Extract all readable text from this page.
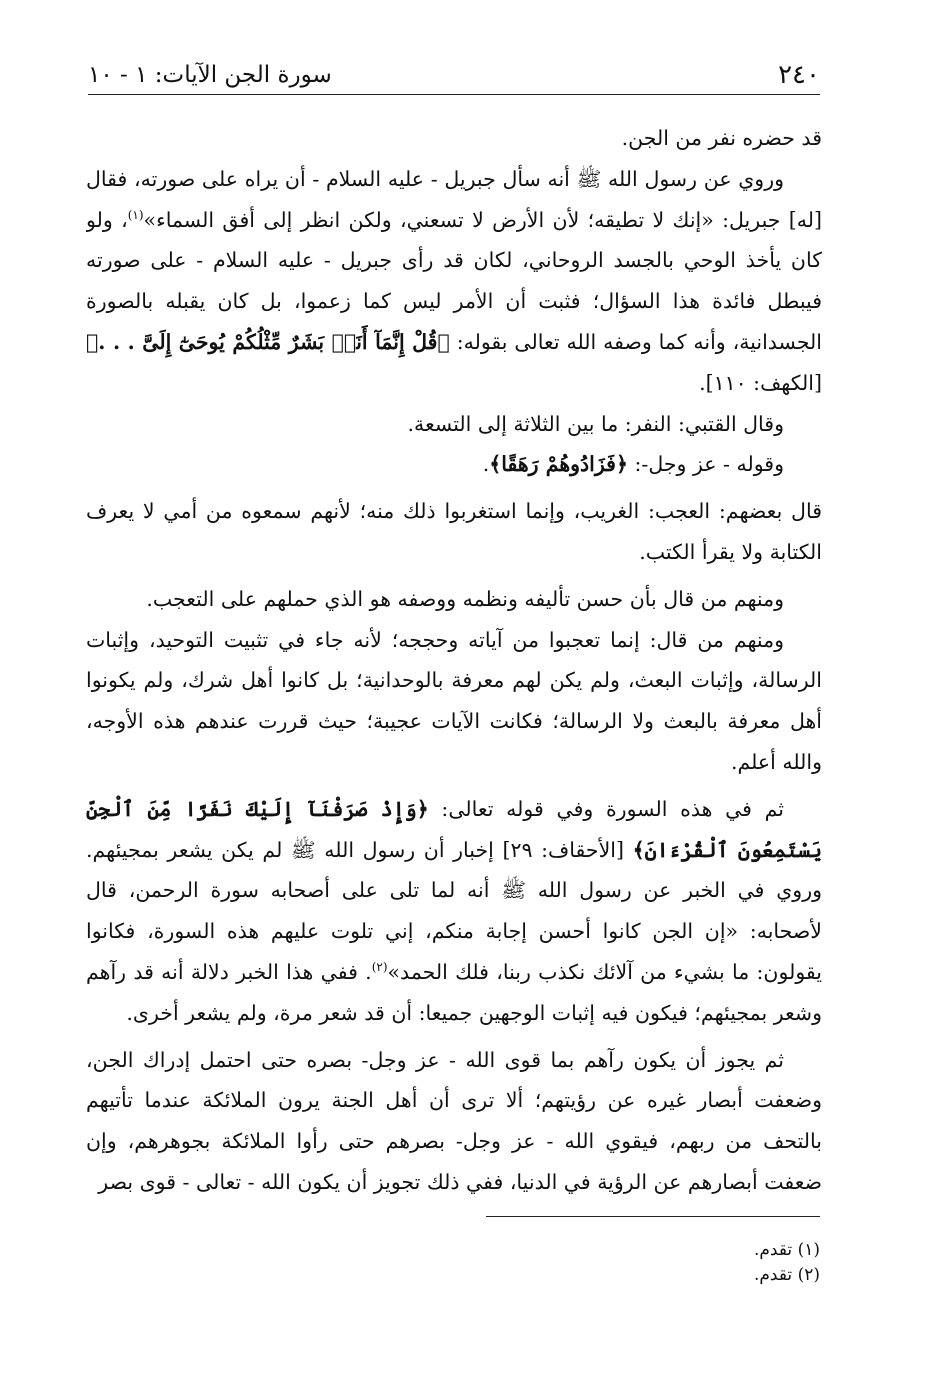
٢٤٠
سورة الجن الآيات: ١ - ١٠

قد حضره نفر من الجن.

وروي عن رسول الله ﷺ أنه سأل جبريل - عليه السلام - أن يراه على صورته، فقال [له] جبريل: «إنك لا تطيقه؛ لأن الأرض لا تسعني، ولكن انظر إلى أفق السماء»$^{(١)}$، ولو كان يأخذ الوحي بالجسد الروحاني، لكان قد رأى جبريل - عليه السلام - على صورته فيبطل فائدة هذا السؤال؛ فثبت أن الأمر ليس كما زعموا، بل كان يقبله بالصورة الجسدانية، وأنه كما وصفه الله تعالى بقوله: ﴿قُلْ إِنَّمَآ أَنَا۠ بَشَرٌ مِّثْلُكُمْ يُوحَىٰٓ إِلَىَّ . . .﴾ [الكهف: ١١٠].

وقال القتبي: النفر: ما بين الثلاثة إلى التسعة.

وقوله - عز وجل-: ﴿فَزَادُوهُمْ رَهَقًا﴾.

قال بعضهم: العجب: الغريب، وإنما استغربوا ذلك منه؛ لأنهم سمعوه من أمي لا يعرف الكتابة ولا يقرأ الكتب.

ومنهم من قال بأن حسن تأليفه ونظمه ووصفه هو الذي حملهم على التعجب.

ومنهم من قال: إنما تعجبوا من آياته وحججه؛ لأنه جاء في تثبيت التوحيد، وإثبات الرسالة، وإثبات البعث، ولم يكن لهم معرفة بالوحدانية؛ بل كانوا أهل شرك، ولم يكونوا أهل معرفة بالبعث ولا الرسالة؛ فكانت الآيات عجيبة؛ حيث قررت عندهم هذه الأوجه، والله أعلم.

ثم في هذه السورة وفي قوله تعالى: ﴿وَإِذْ صَرَفْنَآ إِلَيْكَ نَفَرًا مِّنَ ٱلْجِنِّ يَسْتَمِعُونَ ٱلْقُرْءَانَ﴾ [الأحقاف: ٢٩] إخبار أن رسول الله ﷺ لم يكن يشعر بمجيئهم. وروي في الخبر عن رسول الله ﷺ أنه لما تلى على أصحابه سورة الرحمن، قال لأصحابه: «إن الجن كانوا أحسن إجابة منكم، إني تلوت عليهم هذه السورة، فكانوا يقولون: ما بشيء من آلائك نكذب ربنا، فلك الحمد»$^{(٢)}$. ففي هذا الخبر دلالة أنه قد رآهم وشعر بمجيئهم؛ فيكون فيه إثبات الوجهين جميعا: أن قد شعر مرة، ولم يشعر أخرى.

ثم يجوز أن يكون رآهم بما قوى الله - عز وجل- بصره حتى احتمل إدراك الجن، وضعفت أبصار غيره عن رؤيتهم؛ ألا ترى أن أهل الجنة يرون الملائكة عندما تأتيهم بالتحف من ربهم، فيقوي الله - عز وجل- بصرهم حتى رأوا الملائكة بجوهرهم، وإن ضعفت أبصارهم عن الرؤية في الدنيا، ففي ذلك تجويز أن يكون الله - تعالى - قوى بصر

(١) تقدم.
(٢) تقدم.
